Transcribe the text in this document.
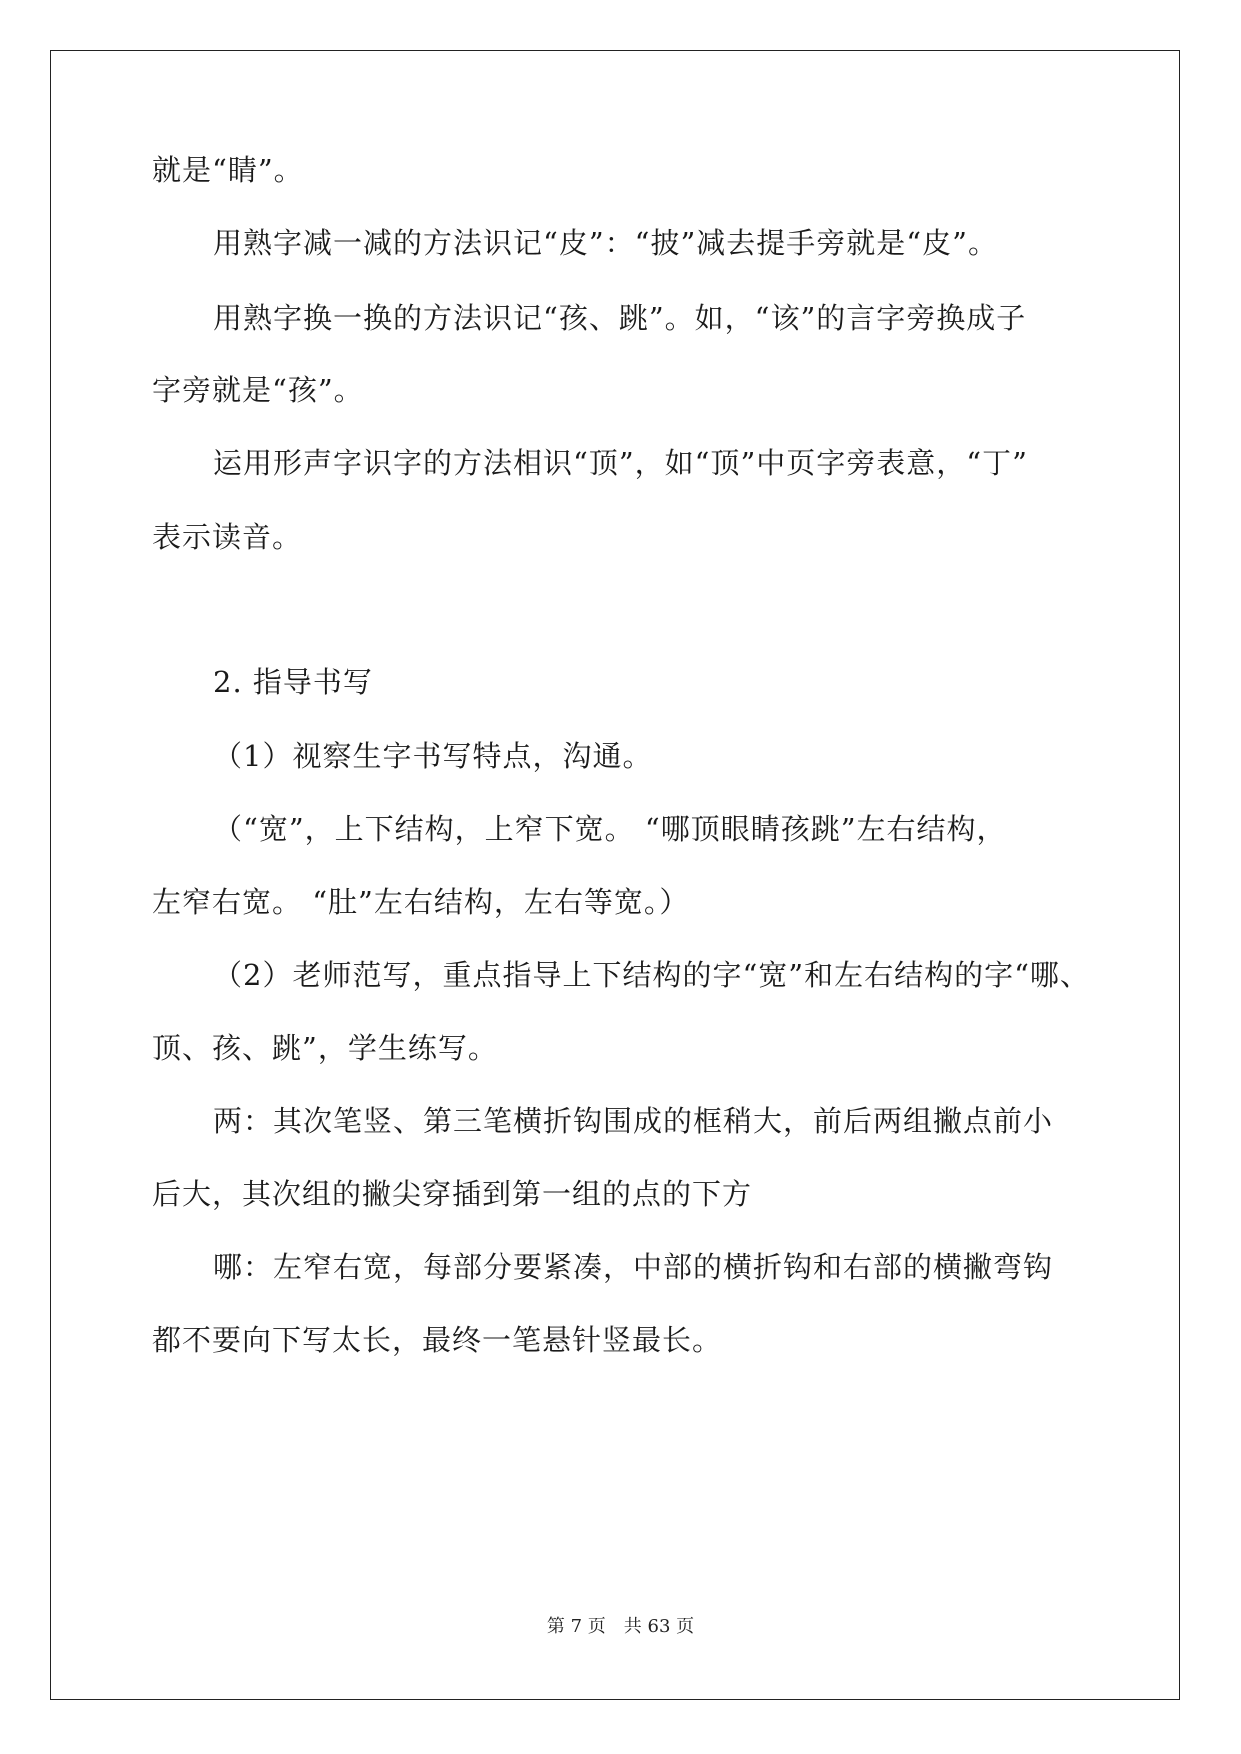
就是“睛”。
用熟字减一减的方法识记“皮”：“披”减去提手旁就是“皮”。
用熟字换一换的方法识记“孩、跳”。如，“该”的言字旁换成子
字旁就是“孩”。
运用形声字识字的方法相识“顶”，如“顶”中页字旁表意，“丁”
表示读音。
2. 指导书写
（1）视察生字书写特点，沟通。
（“宽”，上下结构，上窄下宽。 “哪顶眼睛孩跳”左右结构，
左窄右宽。 “肚”左右结构，左右等宽。）
（2）老师范写，重点指导上下结构的字“宽”和左右结构的字“哪、
顶、孩、跳”，学生练写。
两：其次笔竖、第三笔横折钩围成的框稍大，前后两组撇点前小
后大，其次组的撇尖穿插到第一组的点的下方
哪：左窄右宽，每部分要紧凑，中部的横折钩和右部的横撇弯钩
都不要向下写太长，最终一笔悬针竖最长。
第 7 页　共 63 页
